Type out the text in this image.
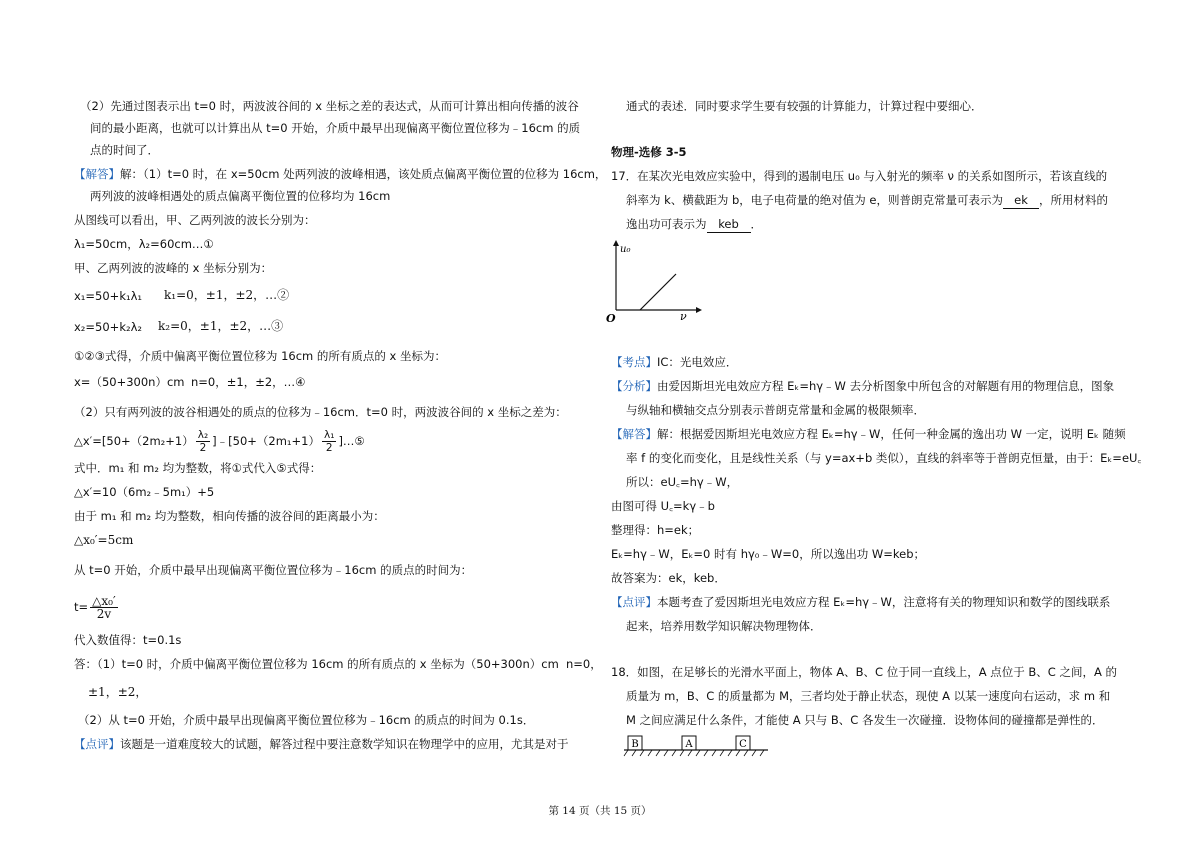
（2）先通过图表示出 t=0 时，两波波谷间的 x 坐标之差的表达式，从而可计算出相向传播的波谷
间的最小距离，也就可以计算出从 t=0 开始，介质中最早出现偏离平衡位置位移为﹣16cm 的质
点的时间了．
【解答】解：（1）t=0 时，在 x=50cm 处两列波的波峰相遇，该处质点偏离平衡位置的位移为 16cm，
两列波的波峰相遇处的质点偏离平衡位置的位移均为 16cm
从图线可以看出，甲、乙两列波的波长分别为：
λ₁=50cm，λ₂=60cm…①
甲、乙两列波的波峰的 x 坐标分别为：
x₁=50+k₁λ₁ k₁=0，±1，±2，…②
x₂=50+k₂λ₂ k₂=0，±1，±2，…③
①②③式得，介质中偏离平衡位置位移为 16cm 的所有质点的 x 坐标为：
x=（50+300n）cm n=0，±1，±2，…④
（2）只有两列波的波谷相遇处的质点的位移为﹣16cm．t=0 时，两波波谷间的 x 坐标之差为：
△x′=[50+（2m₂+1） $\frac{\text{λ₂}}{2}$ ]﹣[50+（2m₁+1） $\frac{\text{λ₁}}{2}$ ]…⑤
式中．m₁ 和 m₂ 均为整数，将①式代入⑤式得：
△x′=10（6m₂﹣5m₁）+5
由于 m₁ 和 m₂ 均为整数，相向传播的波谷间的距离最小为：
△x₀′=5cm
从 t=0 开始，介质中最早出现偏离平衡位置位移为﹣16cm 的质点的时间为：
$t= \frac{\text{△x₀′}}{2v}$
代入数值得：t=0.1s
答：（1）t=0 时，介质中偏离平衡位置位移为 16cm 的所有质点的 x 坐标为（50+300n）cm n=0，
±1，±2，
（2）从 t=0 开始，介质中最早出现偏离平衡位置位移为﹣16cm 的质点的时间为 0.1s．
【点评】该题是一道难度较大的试题，解答过程中要注意数学知识在物理学中的应用，尤其是对于
通式的表述．同时要求学生要有较强的计算能力，计算过程中要细心．
物理-选修 3-5
17．在某次光电效应实验中，得到的遏制电压 u₀ 与入射光的频率 ν 的关系如图所示，若该直线的
斜率为 k、横截距为 b，电子电荷量的绝对值为 e，则普朗克常量可表示为 ek ，所用材料的
逸出功可表示为 keb ．
u₀
ν
O
【考点】IC：光电效应．
【分析】由爱因斯坦光电效应方程 Eₖ=hγ﹣W 去分析图象中所包含的对解题有用的物理信息，图象
与纵轴和横轴交点分别表示普朗克常量和金属的极限频率．
【解答】解：根据爱因斯坦光电效应方程 Eₖ=hγ﹣W，任何一种金属的逸出功 W 一定，说明 Eₖ 随频
率 f 的变化而变化，且是线性关系（与 y=ax+b 类似），直线的斜率等于普朗克恒量，由于：Eₖ=eU꜀
所以：eU꜀=hγ﹣W，
由图可得 U꜀=kγ﹣b
整理得：h=ek；
Eₖ=hγ﹣W，Eₖ=0 时有 hγ₀﹣W=0，所以逸出功 W=keb；
故答案为：ek，keb．
【点评】本题考查了爱因斯坦光电效应方程 Eₖ=hγ﹣W，注意将有关的物理知识和数学的图线联系
起来，培养用数学知识解决物理物体．
18．如图，在足够长的光滑水平面上，物体 A、B、C 位于同一直线上，A 点位于 B、C 之间，A 的
质量为 m，B、C 的质量都为 M，三者均处于静止状态，现使 A 以某一速度向右运动，求 m 和
M 之间应满足什么条件，才能使 A 只与 B、C 各发生一次碰撞．设物体间的碰撞都是弹性的．
B	A	C
第 14 页（共 15 页）
